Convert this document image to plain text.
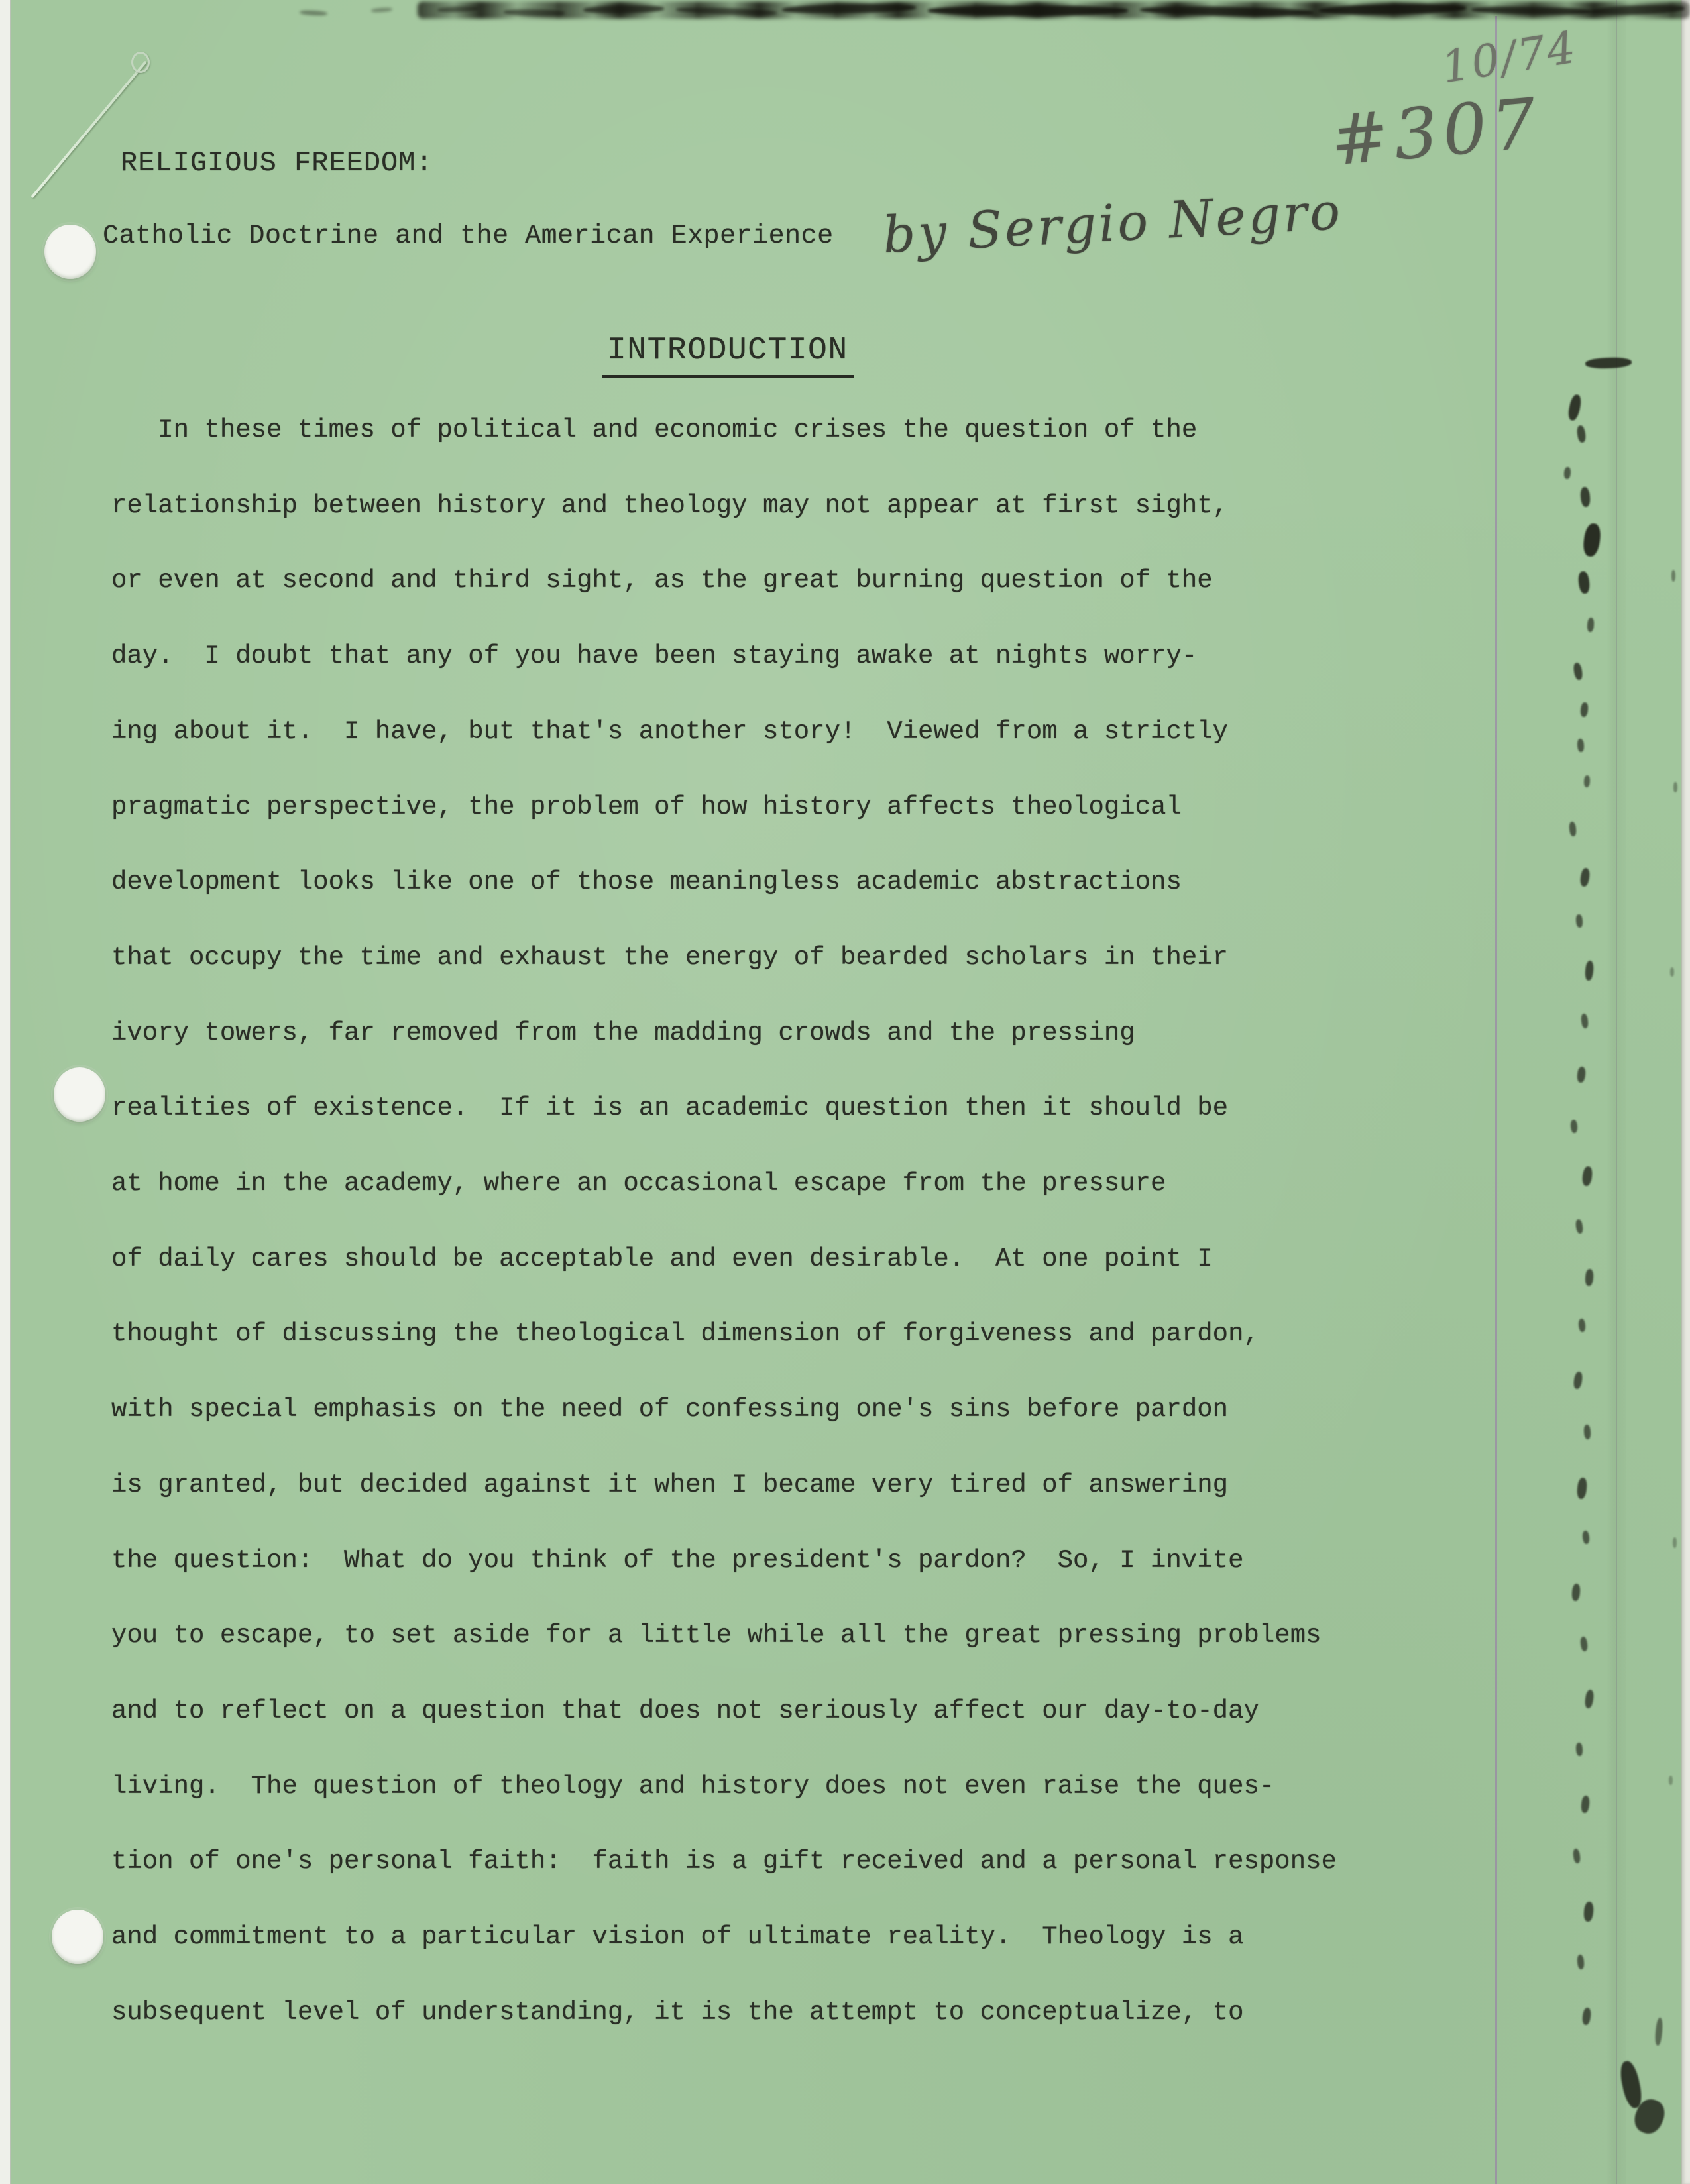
10/74
#307
by Sergio Negro
RELIGIOUS FREEDOM:
Catholic Doctrine and the American Experience
INTRODUCTION
In these times of political and economic crises the question of the
relationship between history and theology may not appear at first sight,
or even at second and third sight, as the great burning question of the
day.  I doubt that any of you have been staying awake at nights worry-
ing about it.  I have, but that's another story!  Viewed from a strictly
pragmatic perspective, the problem of how history affects theological
development looks like one of those meaningless academic abstractions
that occupy the time and exhaust the energy of bearded scholars in their
ivory towers, far removed from the madding crowds and the pressing
realities of existence.  If it is an academic question then it should be
at home in the academy, where an occasional escape from the pressure
of daily cares should be acceptable and even desirable.  At one point I
thought of discussing the theological dimension of forgiveness and pardon,
with special emphasis on the need of confessing one's sins before pardon
is granted, but decided against it when I became very tired of answering
the question:  What do you think of the president's pardon?  So, I invite
you to escape, to set aside for a little while all the great pressing problems
and to reflect on a question that does not seriously affect our day-to-day
living.  The question of theology and history does not even raise the ques-
tion of one's personal faith:  faith is a gift received and a personal response
and commitment to a particular vision of ultimate reality.  Theology is a
subsequent level of understanding, it is the attempt to conceptualize, to
